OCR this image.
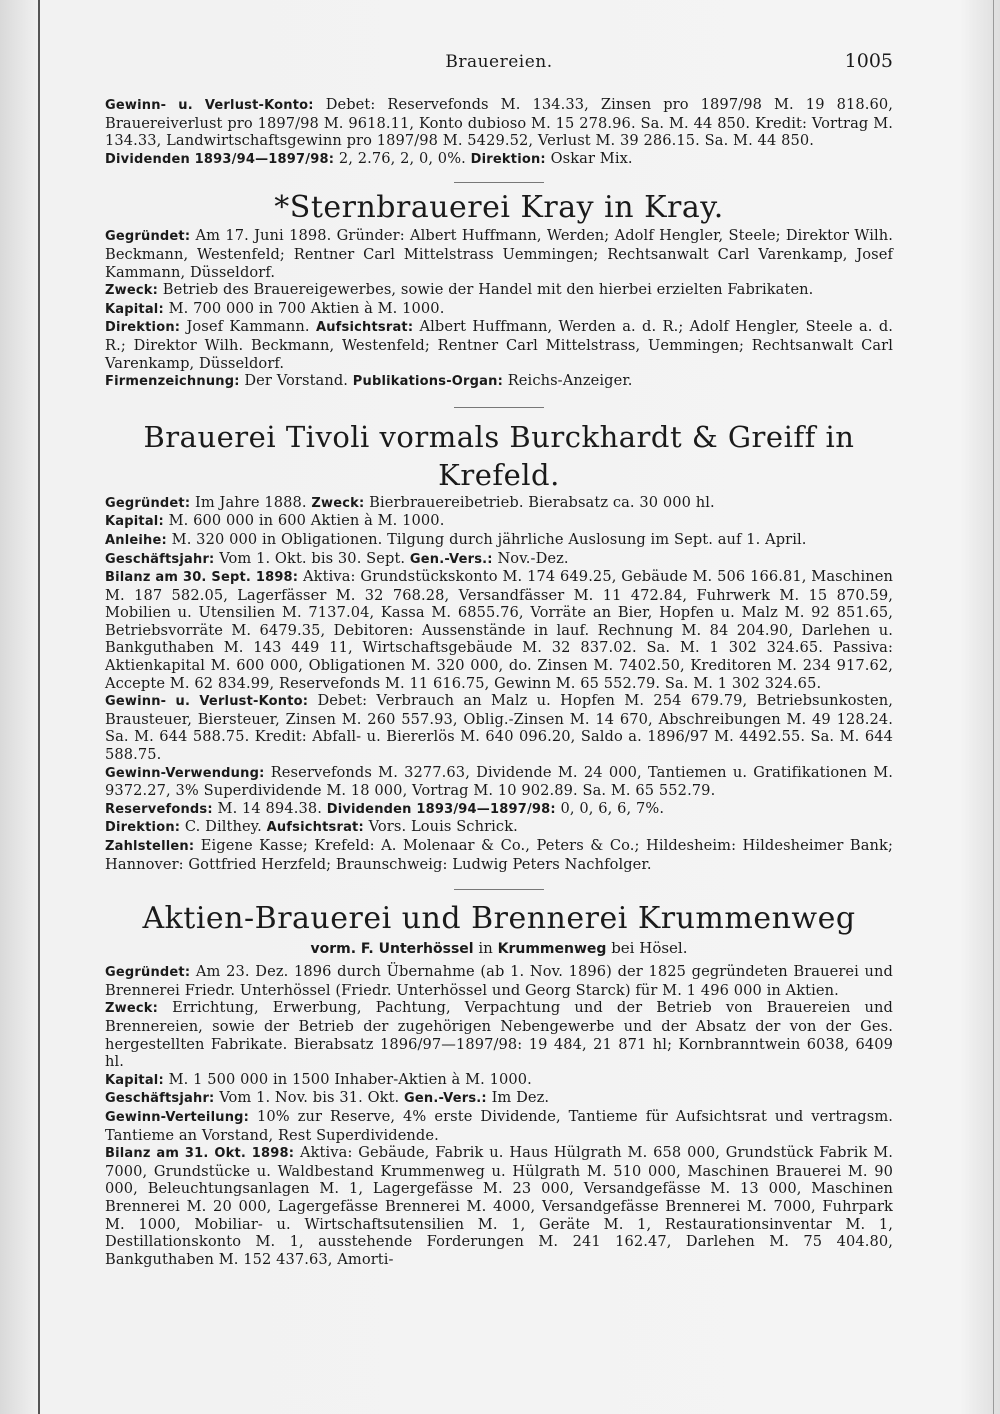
Brauereien.	1005

Gewinn- u. Verlust-Konto: Debet: Reservefonds M. 134.33, Zinsen pro 1897/98 M. 19 818.60, Brauereiverlust pro 1897/98 M. 9618.11, Konto dubioso M. 15 278.96. Sa. M. 44 850. Kredit: Vortrag M. 134.33, Landwirtschaftsgewinn pro 1897/98 M. 5429.52, Verlust M. 39 286.15. Sa. M. 44 850.

Dividenden 1893/94—1897/98: 2, 2.76, 2, 0, 0%. Direktion: Oskar Mix.

*Sternbrauerei Kray in Kray.

Gegründet: Am 17. Juni 1898. Gründer: Albert Huffmann, Werden; Adolf Hengler, Steele; Direktor Wilh. Beckmann, Westenfeld; Rentner Carl Mittelstrass Uemmingen; Rechtsanwalt Carl Varenkamp, Josef Kammann, Düsseldorf.

Zweck: Betrieb des Brauereigewerbes, sowie der Handel mit den hierbei erzielten Fabrikaten.

Kapital: M. 700 000 in 700 Aktien à M. 1000.

Direktion: Josef Kammann. Aufsichtsrat: Albert Huffmann, Werden a. d. R.; Adolf Hengler, Steele a. d. R.; Direktor Wilh. Beckmann, Westenfeld; Rentner Carl Mittelstrass, Uemmingen; Rechtsanwalt Carl Varenkamp, Düsseldorf.

Firmenzeichnung: Der Vorstand. Publikations-Organ: Reichs-Anzeiger.

Brauerei Tivoli vormals Burckhardt & Greiff in Krefeld.

Gegründet: Im Jahre 1888. Zweck: Bierbrauereibetrieb. Bierabsatz ca. 30 000 hl.

Kapital: M. 600 000 in 600 Aktien à M. 1000.

Anleihe: M. 320 000 in Obligationen. Tilgung durch jährliche Auslosung im Sept. auf 1. April.

Geschäftsjahr: Vom 1. Okt. bis 30. Sept. Gen.-Vers.: Nov.-Dez.

Bilanz am 30. Sept. 1898: Aktiva: Grundstückskonto M. 174 649.25, Gebäude M. 506 166.81, Maschinen M. 187 582.05, Lagerfässer M. 32 768.28, Versandfässer M. 11 472.84, Fuhrwerk M. 15 870.59, Mobilien u. Utensilien M. 7137.04, Kassa M. 6855.76, Vorräte an Bier, Hopfen u. Malz M. 92 851.65, Betriebsvorräte M. 6479.35, Debitoren: Aussenstände in lauf. Rechnung M. 84 204.90, Darlehen u. Bankguthaben M. 143 449 11, Wirtschaftsgebäude M. 32 837.02. Sa. M. 1 302 324.65. Passiva: Aktienkapital M. 600 000, Obligationen M. 320 000, do. Zinsen M. 7402.50, Kreditoren M. 234 917.62, Accepte M. 62 834.99, Reservefonds M. 11 616.75, Gewinn M. 65 552.79. Sa. M. 1 302 324.65.

Gewinn- u. Verlust-Konto: Debet: Verbrauch an Malz u. Hopfen M. 254 679.79, Betriebsunkosten, Brausteuer, Biersteuer, Zinsen M. 260 557.93, Oblig.-Zinsen M. 14 670, Abschreibungen M. 49 128.24. Sa. M. 644 588.75. Kredit: Abfall- u. Biererlös M. 640 096.20, Saldo a. 1896/97 M. 4492.55. Sa. M. 644 588.75.

Gewinn-Verwendung: Reservefonds M. 3277.63, Dividende M. 24 000, Tantiemen u. Gratifikationen M. 9372.27, 3% Superdividende M. 18 000, Vortrag M. 10 902.89. Sa. M. 65 552.79.

Reservefonds: M. 14 894.38. Dividenden 1893/94—1897/98: 0, 0, 6, 6, 7%.

Direktion: C. Dilthey. Aufsichtsrat: Vors. Louis Schrick.

Zahlstellen: Eigene Kasse; Krefeld: A. Molenaar & Co., Peters & Co.; Hildesheim: Hildesheimer Bank; Hannover: Gottfried Herzfeld; Braunschweig: Ludwig Peters Nachfolger.

Aktien-Brauerei und Brennerei Krummenweg

vorm. F. Unterhössel in Krummenweg bei Hösel.

Gegründet: Am 23. Dez. 1896 durch Übernahme (ab 1. Nov. 1896) der 1825 gegründeten Brauerei und Brennerei Friedr. Unterhössel (Friedr. Unterhössel und Georg Starck) für M. 1 496 000 in Aktien.

Zweck: Errichtung, Erwerbung, Pachtung, Verpachtung und der Betrieb von Brauereien und Brennereien, sowie der Betrieb der zugehörigen Nebengewerbe und der Absatz der von der Ges. hergestellten Fabrikate. Bierabsatz 1896/97—1897/98: 19 484, 21 871 hl; Kornbranntwein 6038, 6409 hl.

Kapital: M. 1 500 000 in 1500 Inhaber-Aktien à M. 1000.

Geschäftsjahr: Vom 1. Nov. bis 31. Okt. Gen.-Vers.: Im Dez.

Gewinn-Verteilung: 10% zur Reserve, 4% erste Dividende, Tantieme für Aufsichtsrat und vertragsm. Tantieme an Vorstand, Rest Superdividende.

Bilanz am 31. Okt. 1898: Aktiva: Gebäude, Fabrik u. Haus Hülgrath M. 658 000, Grundstück Fabrik M. 7000, Grundstücke u. Waldbestand Krummenweg u. Hülgrath M. 510 000, Maschinen Brauerei M. 90 000, Beleuchtungsanlagen M. 1, Lagergefässe M. 23 000, Versandgefässe M. 13 000, Maschinen Brennerei M. 20 000, Lagergefässe Brennerei M. 4000, Versandgefässe Brennerei M. 7000, Fuhrpark M. 1000, Mobiliar- u. Wirtschaftsutensilien M. 1, Geräte M. 1, Restaurationsinventar M. 1, Destillationskonto M. 1, ausstehende Forderungen M. 241 162.47, Darlehen M. 75 404.80, Bankguthaben M. 152 437.63, Amorti-
